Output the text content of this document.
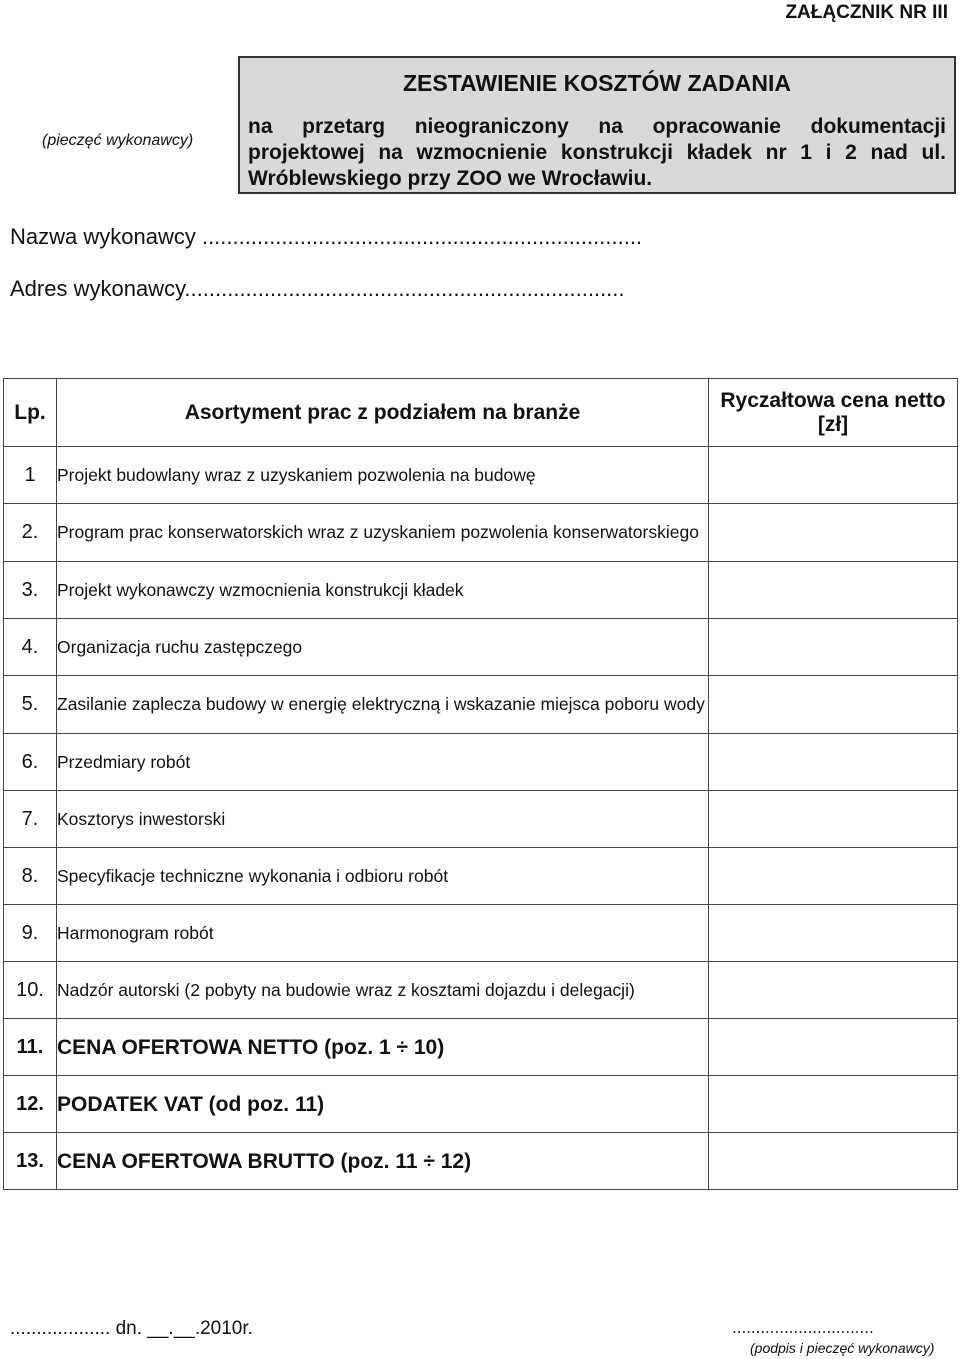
ZAŁĄCZNIK NR III
(pieczęć wykonawcy)
ZESTAWIENIE KOSZTÓW ZADANIA
na przetarg nieograniczony na opracowanie dokumentacji projektowej na wzmocnienie konstrukcji kładek nr 1 i 2 nad ul. Wróblewskiego przy ZOO we Wrocławiu.
Nazwa wykonawcy ........................................................................
Adres wykonawcy........................................................................
Lp.	Asortyment prac z podziałem na branże	Ryczałtowa cena netto [zł]
1	Projekt budowlany wraz z uzyskaniem pozwolenia na budowę	
2.	Program prac konserwatorskich wraz z uzyskaniem pozwolenia konserwatorskiego	
3.	Projekt wykonawczy wzmocnienia konstrukcji kładek	
4.	Organizacja ruchu zastępczego	
5.	Zasilanie zaplecza budowy w energię elektryczną i wskazanie miejsca poboru wody	
6.	Przedmiary robót	
7.	Kosztorys inwestorski	
8.	Specyfikacje techniczne wykonania i odbioru robót	
9.	Harmonogram robót	
10.	Nadzór autorski (2 pobyty na budowie wraz z kosztami dojazdu i delegacji)	
11.	CENA OFERTOWA NETTO (poz. 1 ÷ 10)	
12.	PODATEK VAT (od poz. 11)	
13.	CENA OFERTOWA BRUTTO (poz. 11 ÷ 12)	
................... dn. __.__.2010r.	..............................
(podpis i pieczęć wykonawcy)
